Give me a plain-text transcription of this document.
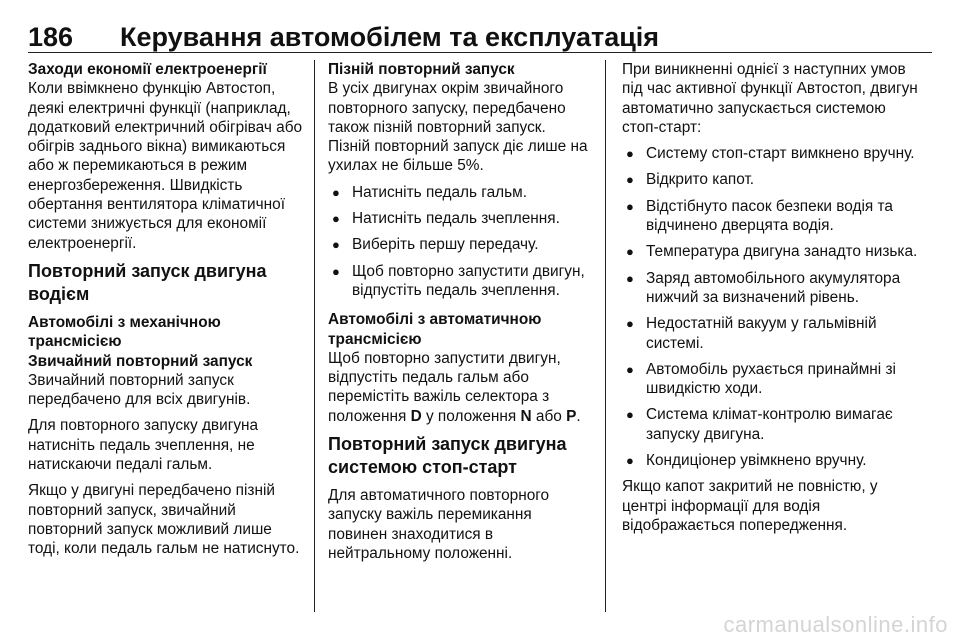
186 Керування автомобілем та експлуатація

Заходи економії електроенергії

Коли ввімкнено функцію Автостоп, деякі електричні функції (наприклад, додатковий електричний обігрівач або обігрів заднього вікна) вимикаються або ж перемикаються в режим енергозбереження. Швидкість обертання вентилятора кліматичної системи знижується для економії електроенергії.

Повторний запуск двигуна водієм

Автомобілі з механічною трансмісією

Звичайний повторний запуск

Звичайний повторний запуск передбачено для всіх двигунів.

Для повторного запуску двигуна натисніть педаль зчеплення, не натискаючи педалі гальм.

Якщо у двигуні передбачено пізній повторний запуск, звичайний повторний запуск можливий лише тоді, коли педаль гальм не натиснуто.

Пізній повторний запуск

В усіх двигунах окрім звичайного повторного запуску, передбачено також пізній повторний запуск. Пізній повторний запуск діє лише на ухилах не більше 5%.

● Натисніть педаль гальм.
● Натисніть педаль зчеплення.
● Виберіть першу передачу.
● Щоб повторно запустити двигун, відпустіть педаль зчеплення.

Автомобілі з автоматичною трансмісією

Щоб повторно запустити двигун, відпустіть педаль гальм або перемістіть важіль селектора з положення D у положення N або P.

Повторний запуск двигуна системою стоп-старт

Для автоматичного повторного запуску важіль перемикання повинен знаходитися в нейтральному положенні.

При виникненні однієї з наступних умов під час активної функції Автостоп, двигун автоматично запускається системою стоп-старт:

● Систему стоп-старт вимкнено вручну.
● Відкрито капот.
● Відстібнуто пасок безпеки водія та відчинено дверцята водія.
● Температура двигуна занадто низька.
● Заряд автомобільного акумулятора нижчий за визначений рівень.
● Недостатній вакуум у гальмівній системі.
● Автомобіль рухається принаймні зі швидкістю ходи.
● Система клімат-контролю вимагає запуску двигуна.
● Кондиціонер увімкнено вручну.

Якщо капот закритий не повністю, у центрі інформації для водія відображається попередження.

carmanualsonline.info
